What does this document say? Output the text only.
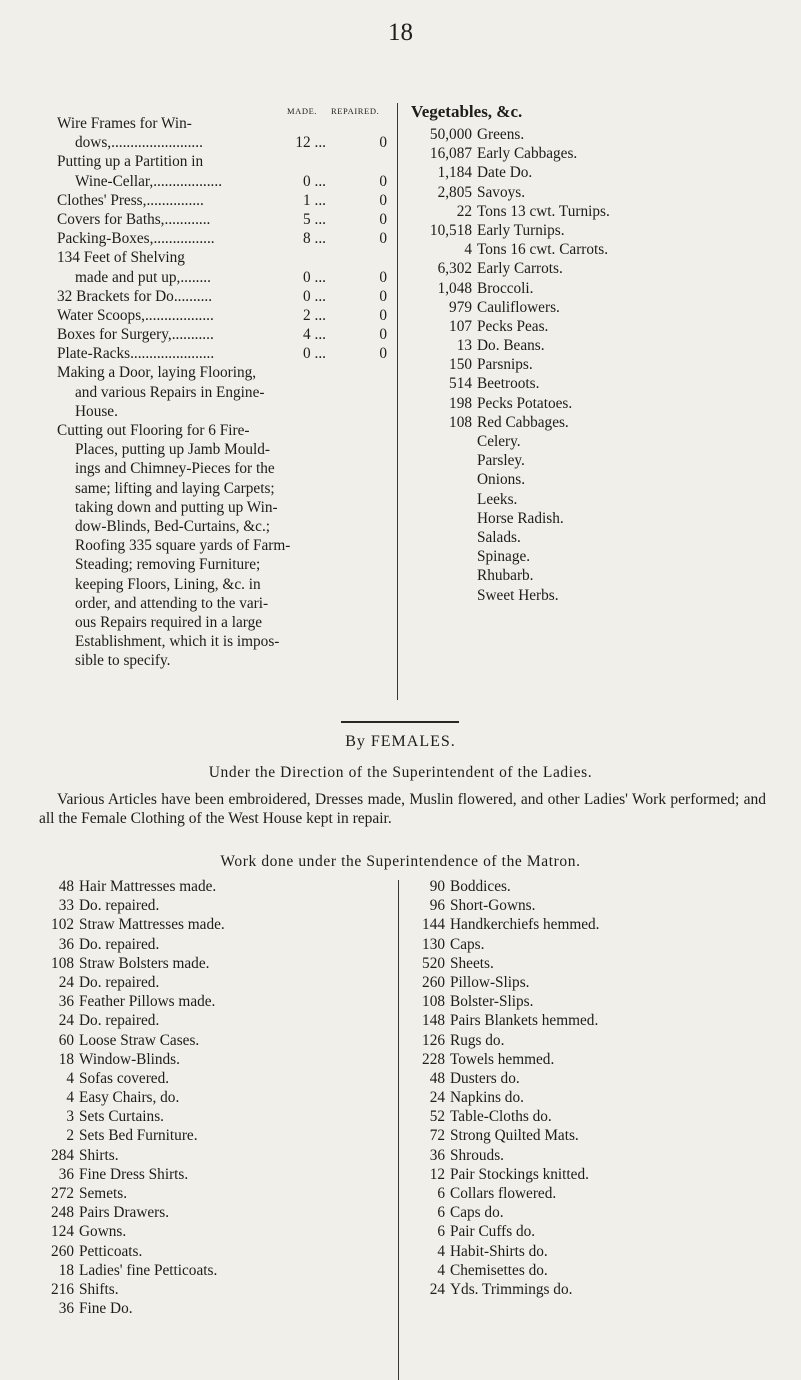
18
MADE. REPAIRED.
Wire Frames for Win-
dows,........................	12 ...	0
Putting up a Partition in
Wine-Cellar,..................	0 ...	0
Clothes' Press,...............	1 ...	0
Covers for Baths,............	5 ...	0
Packing-Boxes,................	8 ...	0
134 Feet of Shelving
made and put up,........	0 ...	0
32 Brackets for Do..........	0 ...	0
Water Scoops,..................	2 ...	0
Boxes for Surgery,...........	4 ...	0
Plate-Racks......................	0 ...	0
Making a Door, laying Flooring,
and various Repairs in Engine-
House.
Cutting out Flooring for 6 Fire-
Places, putting up Jamb Mould-
ings and Chimney-Pieces for the
same; lifting and laying Carpets;
taking down and putting up Win-
dow-Blinds, Bed-Curtains, &c.;
Roofing 335 square yards of Farm-
Steading; removing Furniture;
keeping Floors, Lining, &c. in
order, and attending to the vari-
ous Repairs required in a large
Establishment, which it is impos-
sible to specify.
Vegetables, &c.
50,000 Greens.
16,087 Early Cabbages.
1,184 Date Do.
2,805 Savoys.
22 Tons 13 cwt. Turnips.
10,518 Early Turnips.
4 Tons 16 cwt. Carrots.
6,302 Early Carrots.
1,048 Broccoli.
979 Cauliflowers.
107 Pecks Peas.
13 Do. Beans.
150 Parsnips.
514 Beetroots.
198 Pecks Potatoes.
108 Red Cabbages.
Celery.
Parsley.
Onions.
Leeks.
Horse Radish.
Salads.
Spinage.
Rhubarb.
Sweet Herbs.
By FEMALES.
Under the Direction of the Superintendent of the Ladies.
Various Articles have been embroidered, Dresses made, Muslin flowered, and other Ladies' Work performed; and all the Female Clothing of the West House kept in repair.
Work done under the Superintendence of the Matron.
48 Hair Mattresses made.
33 Do. repaired.
102 Straw Mattresses made.
36 Do. repaired.
108 Straw Bolsters made.
24 Do. repaired.
36 Feather Pillows made.
24 Do. repaired.
60 Loose Straw Cases.
18 Window-Blinds.
4 Sofas covered.
4 Easy Chairs, do.
3 Sets Curtains.
2 Sets Bed Furniture.
284 Shirts.
36 Fine Dress Shirts.
272 Semets.
248 Pairs Drawers.
124 Gowns.
260 Petticoats.
18 Ladies' fine Petticoats.
216 Shifts.
36 Fine Do.
90 Boddices.
96 Short-Gowns.
144 Handkerchiefs hemmed.
130 Caps.
520 Sheets.
260 Pillow-Slips.
108 Bolster-Slips.
148 Pairs Blankets hemmed.
126 Rugs do.
228 Towels hemmed.
48 Dusters do.
24 Napkins do.
52 Table-Cloths do.
72 Strong Quilted Mats.
36 Shrouds.
12 Pair Stockings knitted.
6 Collars flowered.
6 Caps do.
6 Pair Cuffs do.
4 Habit-Shirts do.
4 Chemisettes do.
24 Yds. Trimmings do.
